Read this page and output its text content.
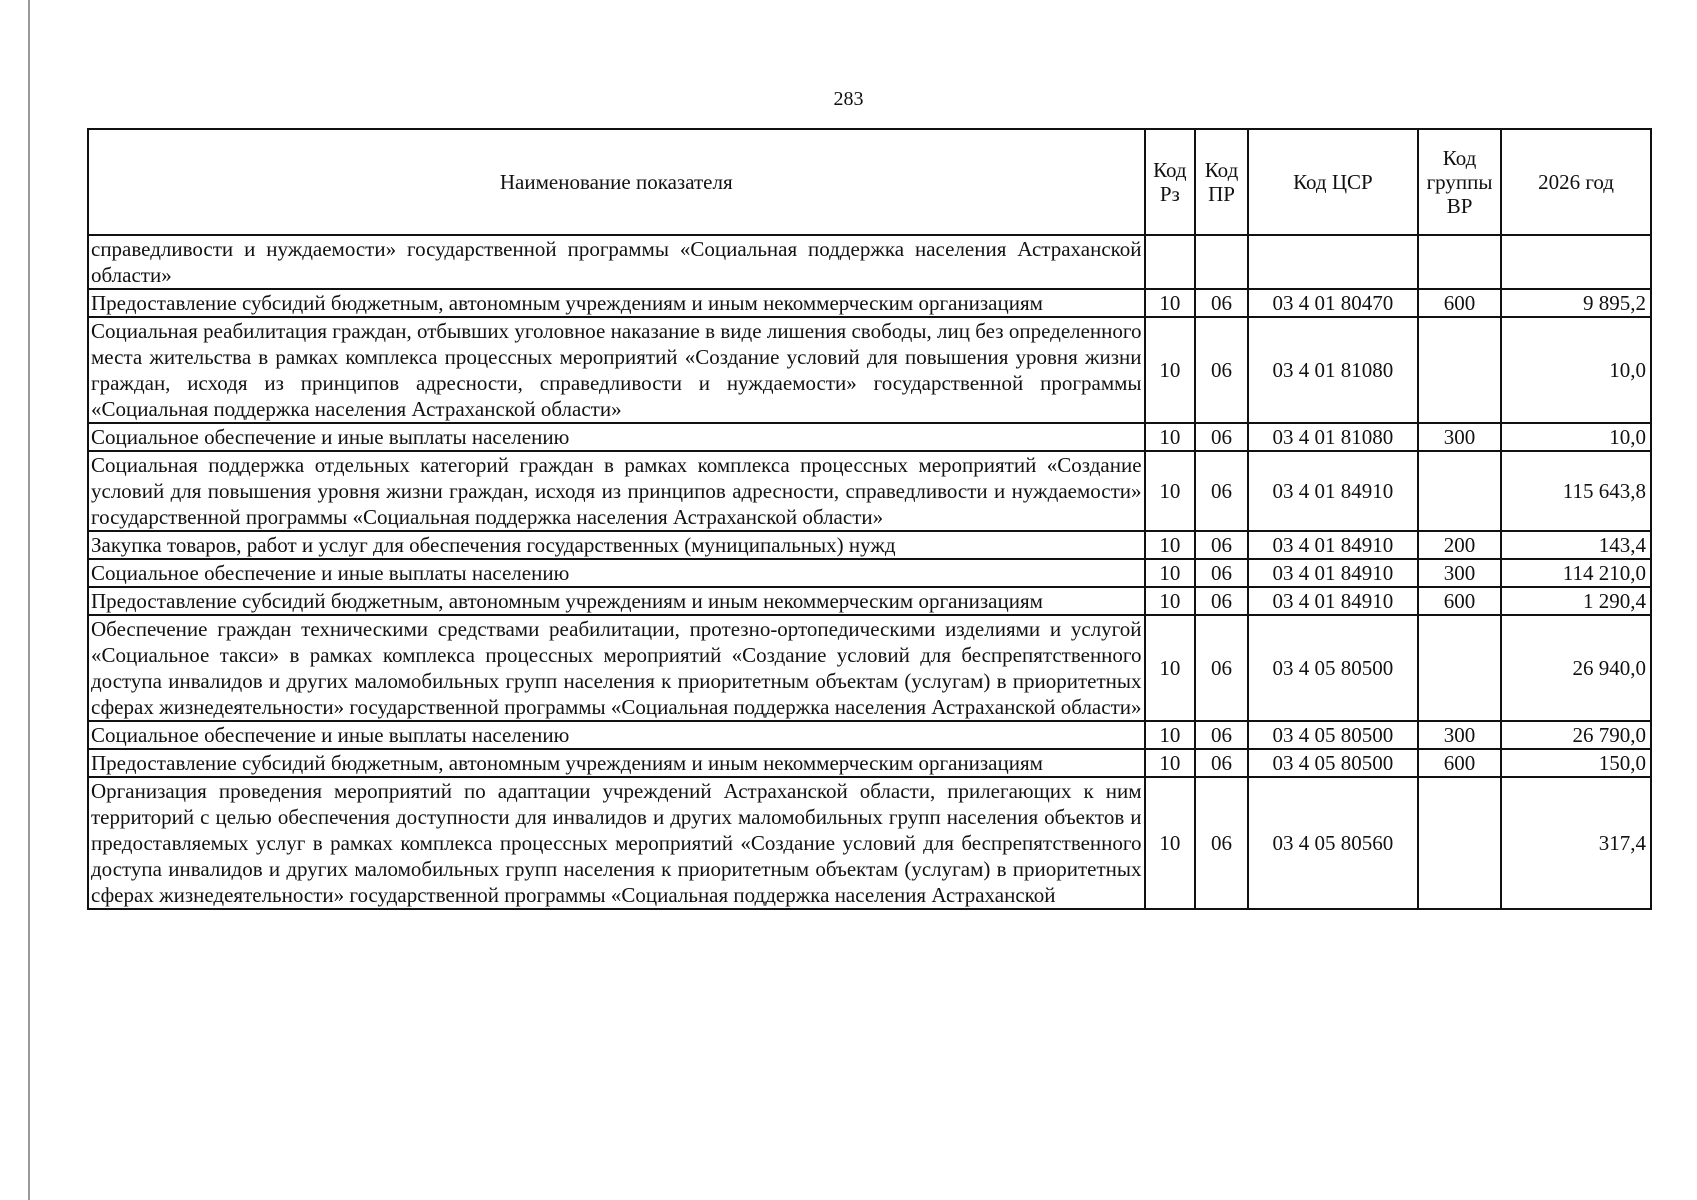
283
Наименование показателя	Код Рз	Код ПР	Код ЦСР	Код группы ВР	2026 год
справедливости и нуждаемости» государственной программы «Социальная поддержка населения Астраханской области»					
Предоставление субсидий бюджетным, автономным учреждениям и иным некоммерческим организациям	10	06	03 4 01 80470	600	9 895,2
Социальная реабилитация граждан, отбывших уголовное наказание в виде лишения свободы, лиц без определенного места жительства в рамках комплекса процессных мероприятий «Создание условий для повышения уровня жизни граждан, исходя из принципов адресности, справедливости и нуждаемости» государственной программы «Социальная поддержка населения Астраханской области»	10	06	03 4 01 81080		10,0
Социальное обеспечение и иные выплаты населению	10	06	03 4 01 81080	300	10,0
Социальная поддержка отдельных категорий граждан в рамках комплекса процессных мероприятий «Создание условий для повышения уровня жизни граждан, исходя из принципов адресности, справедливости и нуждаемости» государственной программы «Социальная поддержка населения Астраханской области»	10	06	03 4 01 84910		115 643,8
Закупка товаров, работ и услуг для обеспечения государственных (муниципальных) нужд	10	06	03 4 01 84910	200	143,4
Социальное обеспечение и иные выплаты населению	10	06	03 4 01 84910	300	114 210,0
Предоставление субсидий бюджетным, автономным учреждениям и иным некоммерческим организациям	10	06	03 4 01 84910	600	1 290,4
Обеспечение граждан техническими средствами реабилитации, протезно-ортопедическими изделиями и услугой «Социальное такси» в рамках комплекса процессных мероприятий «Создание условий для беспрепятственного доступа инвалидов и других маломобильных групп населения к приоритетным объектам (услугам) в приоритетных сферах жизнедеятельности» государственной программы «Социальная поддержка населения Астраханской области»	10	06	03 4 05 80500		26 940,0
Социальное обеспечение и иные выплаты населению	10	06	03 4 05 80500	300	26 790,0
Предоставление субсидий бюджетным, автономным учреждениям и иным некоммерческим организациям	10	06	03 4 05 80500	600	150,0
Организация проведения мероприятий по адаптации учреждений Астраханской области, прилегающих к ним территорий с целью обеспечения доступности для инвалидов и других маломобильных групп населения объектов и предоставляемых услуг в рамках комплекса процессных мероприятий «Создание условий для беспрепятственного доступа инвалидов и других маломобильных групп населения к приоритетным объектам (услугам) в приоритетных сферах жизнедеятельности» государственной программы «Социальная поддержка населения Астраханской	10	06	03 4 05 80560		317,4
